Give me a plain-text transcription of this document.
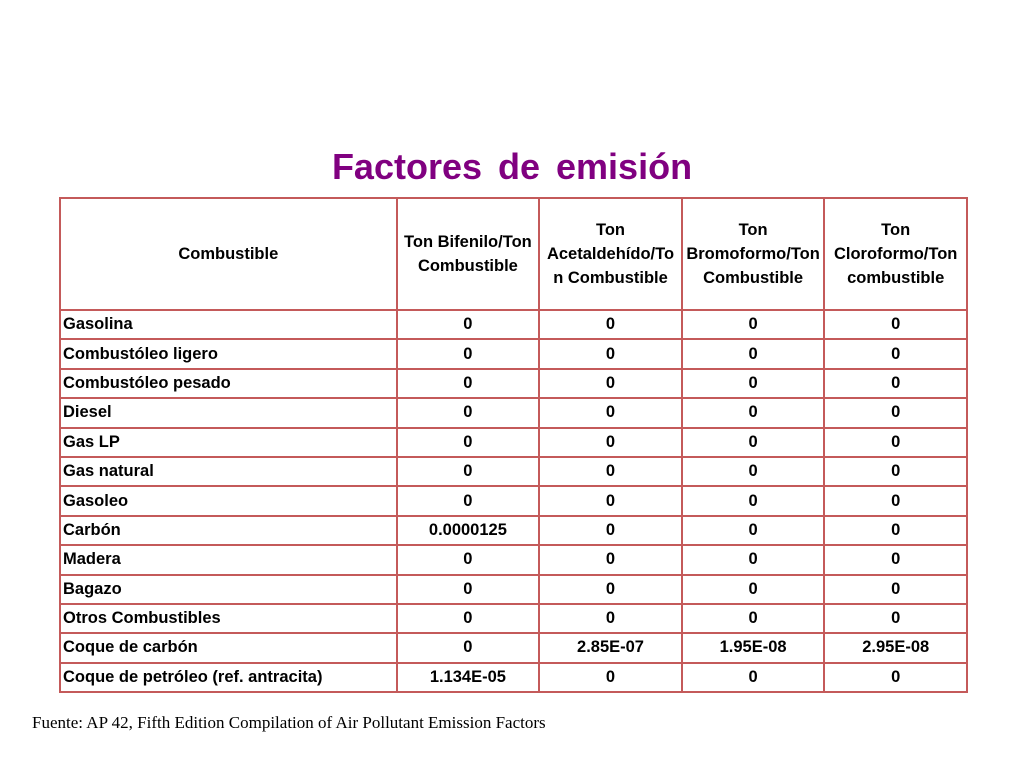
Factores de emisión
Combustible	Ton Bifenilo/Ton Combustible	Ton Acetaldehído/Ton Combustible	Ton Bromoformo/Ton Combustible	Ton Cloroformo/Ton combustible
Gasolina	0	0	0	0
Combustóleo ligero	0	0	0	0
Combustóleo pesado	0	0	0	0
Diesel	0	0	0	0
Gas LP	0	0	0	0
Gas natural	0	0	0	0
Gasoleo	0	0	0	0
Carbón	0.0000125	0	0	0
Madera	0	0	0	0
Bagazo	0	0	0	0
Otros Combustibles	0	0	0	0
Coque de carbón	0	2.85E-07	1.95E-08	2.95E-08
Coque de petróleo (ref. antracita)	1.134E-05	0	0	0
Fuente: AP 42, Fifth Edition Compilation of Air Pollutant Emission Factors
